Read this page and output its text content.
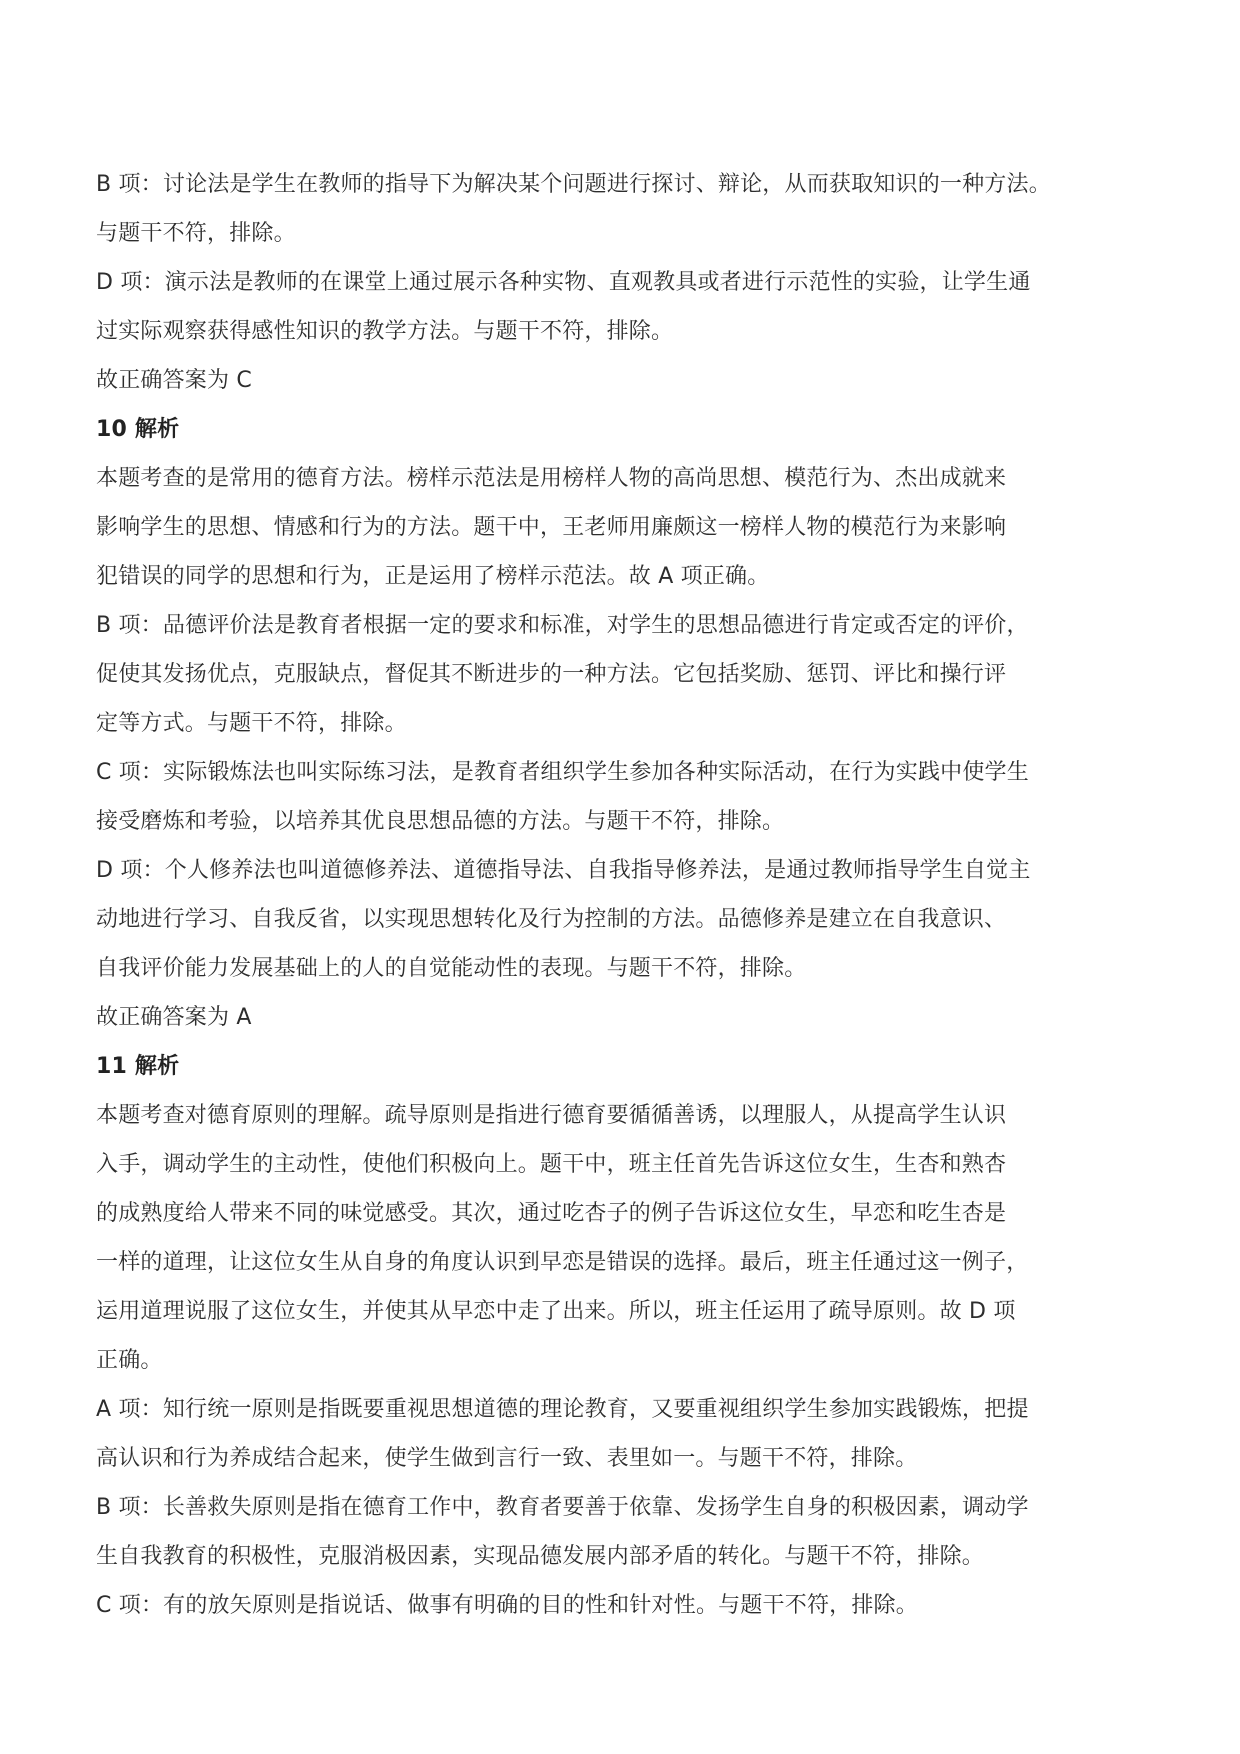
B 项：讨论法是学生在教师的指导下为解决某个问题进行探讨、辩论，从而获取知识的一种方法。
与题干不符，排除。
D 项：演示法是教师的在课堂上通过展示各种实物、直观教具或者进行示范性的实验，让学生通
过实际观察获得感性知识的教学方法。与题干不符，排除。
故正确答案为 C
10 解析
本题考查的是常用的德育方法。榜样示范法是用榜样人物的高尚思想、模范行为、杰出成就来
影响学生的思想、情感和行为的方法。题干中，王老师用廉颇这一榜样人物的模范行为来影响
犯错误的同学的思想和行为，正是运用了榜样示范法。故 A 项正确。
B 项：品德评价法是教育者根据一定的要求和标准，对学生的思想品德进行肯定或否定的评价，
促使其发扬优点，克服缺点，督促其不断进步的一种方法。它包括奖励、惩罚、评比和操行评
定等方式。与题干不符，排除。
C 项：实际锻炼法也叫实际练习法，是教育者组织学生参加各种实际活动，在行为实践中使学生
接受磨炼和考验，以培养其优良思想品德的方法。与题干不符，排除。
D 项：个人修养法也叫道德修养法、道德指导法、自我指导修养法，是通过教师指导学生自觉主
动地进行学习、自我反省，以实现思想转化及行为控制的方法。品德修养是建立在自我意识、
自我评价能力发展基础上的人的自觉能动性的表现。与题干不符，排除。
故正确答案为 A
11 解析
本题考查对德育原则的理解。疏导原则是指进行德育要循循善诱，以理服人，从提高学生认识
入手，调动学生的主动性，使他们积极向上。题干中，班主任首先告诉这位女生，生杏和熟杏
的成熟度给人带来不同的味觉感受。其次，通过吃杏子的例子告诉这位女生，早恋和吃生杏是
一样的道理，让这位女生从自身的角度认识到早恋是错误的选择。最后，班主任通过这一例子，
运用道理说服了这位女生，并使其从早恋中走了出来。所以，班主任运用了疏导原则。故 D 项
正确。
A 项：知行统一原则是指既要重视思想道德的理论教育，又要重视组织学生参加实践锻炼，把提
高认识和行为养成结合起来，使学生做到言行一致、表里如一。与题干不符，排除。
B 项：长善救失原则是指在德育工作中，教育者要善于依靠、发扬学生自身的积极因素，调动学
生自我教育的积极性，克服消极因素，实现品德发展内部矛盾的转化。与题干不符，排除。
C 项：有的放矢原则是指说话、做事有明确的目的性和针对性。与题干不符，排除。
